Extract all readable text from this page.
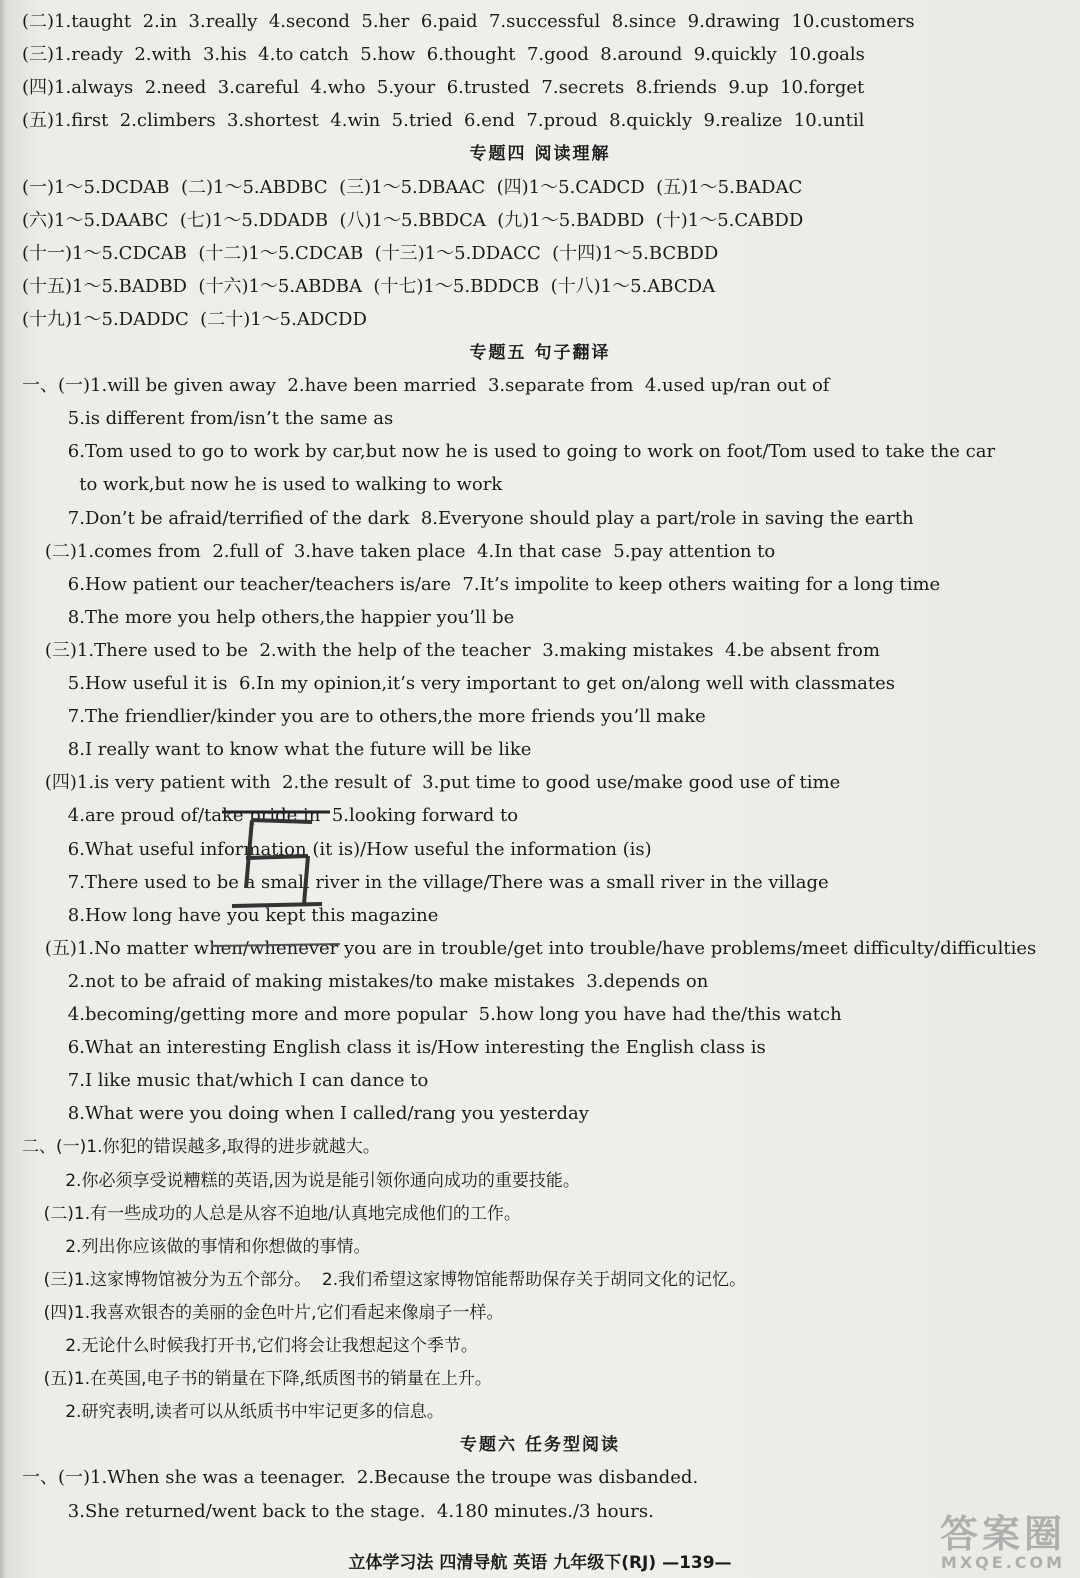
(二)1.taught  2.in  3.really  4.second  5.her  6.paid  7.successful  8.since  9.drawing  10.customers
(三)1.ready  2.with  3.his  4.to catch  5.how  6.thought  7.good  8.around  9.quickly  10.goals
(四)1.always  2.need  3.careful  4.who  5.your  6.trusted  7.secrets  8.friends  9.up  10.forget
(五)1.first  2.climbers  3.shortest  4.win  5.tried  6.end  7.proud  8.quickly  9.realize  10.until
专题四 阅读理解
(一)1～5.DCDAB  (二)1～5.ABDBC  (三)1～5.DBAAC  (四)1～5.CADCD  (五)1～5.BADAC
(六)1～5.DAABC  (七)1～5.DDADB  (八)1～5.BBDCA  (九)1～5.BADBD  (十)1～5.CABDD
(十一)1～5.CDCAB  (十二)1～5.CDCAB  (十三)1～5.DDACC  (十四)1～5.BCBDD
(十五)1～5.BADBD  (十六)1～5.ABDBA  (十七)1～5.BDDCB  (十八)1～5.ABCDA
(十九)1～5.DADDC  (二十)1～5.ADCDD
专题五 句子翻译
一、(一)1.will be given away  2.have been married  3.separate from  4.used up/ran out of
5.is different from/isn’t the same as
6.Tom used to go to work by car,but now he is used to going to work on foot/Tom used to take the car
to work,but now he is used to walking to work
7.Don’t be afraid/terrified of the dark  8.Everyone should play a part/role in saving the earth
(二)1.comes from  2.full of  3.have taken place  4.In that case  5.pay attention to
6.How patient our teacher/teachers is/are  7.It’s impolite to keep others waiting for a long time
8.The more you help others,the happier you’ll be
(三)1.There used to be  2.with the help of the teacher  3.making mistakes  4.be absent from
5.How useful it is  6.In my opinion,it’s very important to get on/along well with classmates
7.The friendlier/kinder you are to others,the more friends you’ll make
8.I really want to know what the future will be like
(四)1.is very patient with  2.the result of  3.put time to good use/make good use of time
4.are proud of/take pride in  5.looking forward to
6.What useful information (it is)/How useful the information (is)
7.There used to be a small river in the village/There was a small river in the village
8.How long have you kept this magazine
(五)1.No matter when/whenever you are in trouble/get into trouble/have problems/meet difficulty/difficulties
2.not to be afraid of making mistakes/to make mistakes  3.depends on
4.becoming/getting more and more popular  5.how long you have had the/this watch
6.What an interesting English class it is/How interesting the English class is
7.I like music that/which I can dance to
8.What were you doing when I called/rang you yesterday
二、(一)1.你犯的错误越多,取得的进步就越大。
2.你必须享受说糟糕的英语,因为说是能引领你通向成功的重要技能。
(二)1.有一些成功的人总是从容不迫地/认真地完成他们的工作。
2.列出你应该做的事情和你想做的事情。
(三)1.这家博物馆被分为五个部分。  2.我们希望这家博物馆能帮助保存关于胡同文化的记忆。
(四)1.我喜欢银杏的美丽的金色叶片,它们看起来像扇子一样。
2.无论什么时候我打开书,它们将会让我想起这个季节。
(五)1.在英国,电子书的销量在下降,纸质图书的销量在上升。
2.研究表明,读者可以从纸质书中牢记更多的信息。
专题六 任务型阅读
一、(一)1.When she was a teenager.  2.Because the troupe was disbanded.
3.She returned/went back to the stage.  4.180 minutes./3 hours.
立体学习法 四清导航 英语 九年级下(RJ) —139—
答案圈
MXQE.COM
